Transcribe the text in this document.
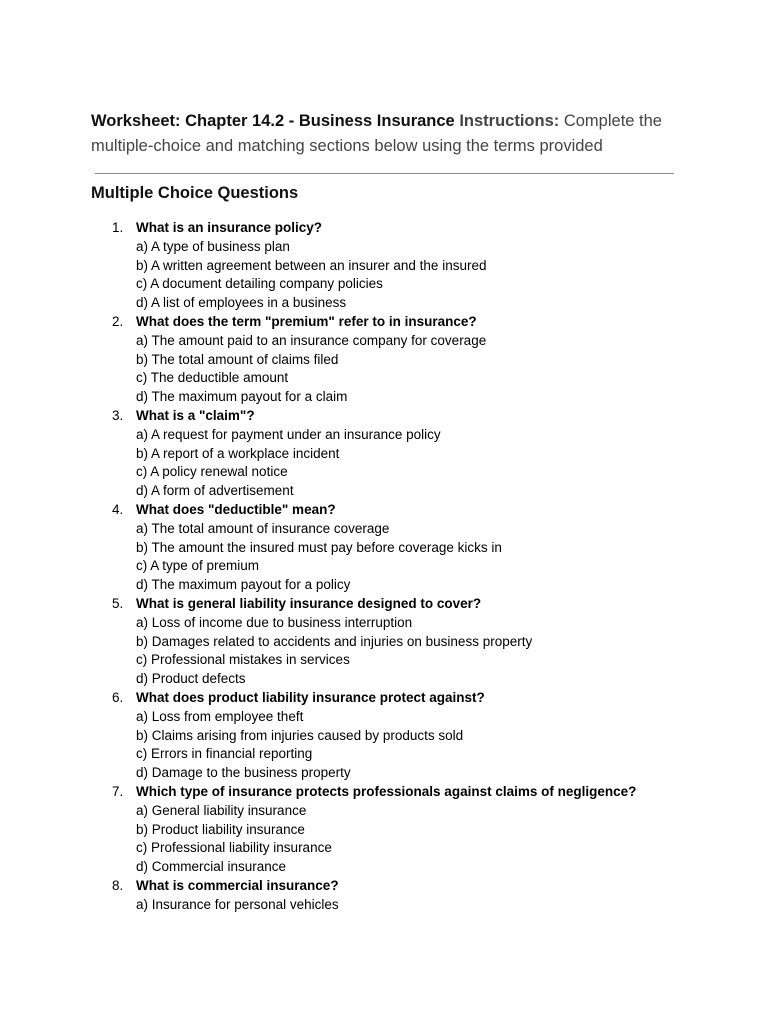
Worksheet: Chapter 14.2 - Business Insurance Instructions: Complete the multiple-choice and matching sections below using the terms provided
Multiple Choice Questions
1. What is an insurance policy?
a) A type of business plan
b) A written agreement between an insurer and the insured
c) A document detailing company policies
d) A list of employees in a business
2. What does the term "premium" refer to in insurance?
a) The amount paid to an insurance company for coverage
b) The total amount of claims filed
c) The deductible amount
d) The maximum payout for a claim
3. What is a "claim"?
a) A request for payment under an insurance policy
b) A report of a workplace incident
c) A policy renewal notice
d) A form of advertisement
4. What does "deductible" mean?
a) The total amount of insurance coverage
b) The amount the insured must pay before coverage kicks in
c) A type of premium
d) The maximum payout for a policy
5. What is general liability insurance designed to cover?
a) Loss of income due to business interruption
b) Damages related to accidents and injuries on business property
c) Professional mistakes in services
d) Product defects
6. What does product liability insurance protect against?
a) Loss from employee theft
b) Claims arising from injuries caused by products sold
c) Errors in financial reporting
d) Damage to the business property
7. Which type of insurance protects professionals against claims of negligence?
a) General liability insurance
b) Product liability insurance
c) Professional liability insurance
d) Commercial insurance
8. What is commercial insurance?
a) Insurance for personal vehicles
